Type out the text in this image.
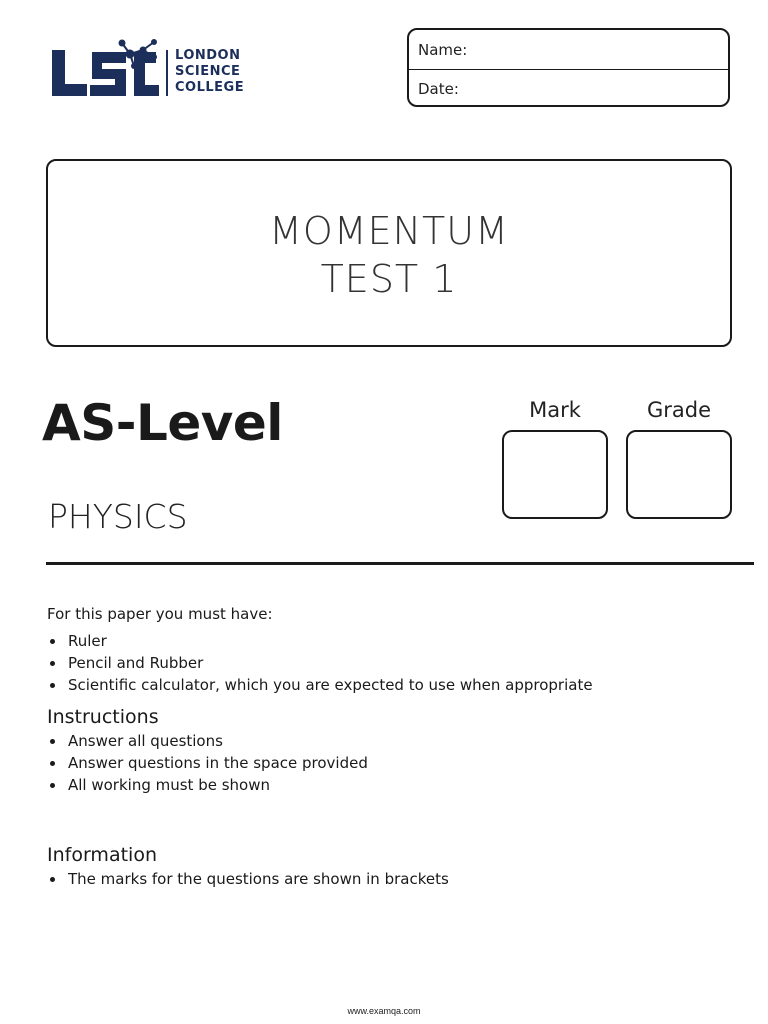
LONDON
SCIENCE
COLLEGE
Name:
Date:
MOMENTUM
TEST 1
AS-Level
PHYSICS
Mark	Grade
For this paper you must have:
Ruler
Pencil and Rubber
Scientific calculator, which you are expected to use when appropriate
Instructions
Answer all questions
Answer questions in the space provided
All working must be shown
Information
The marks for the questions are shown in brackets
www.examqa.com
